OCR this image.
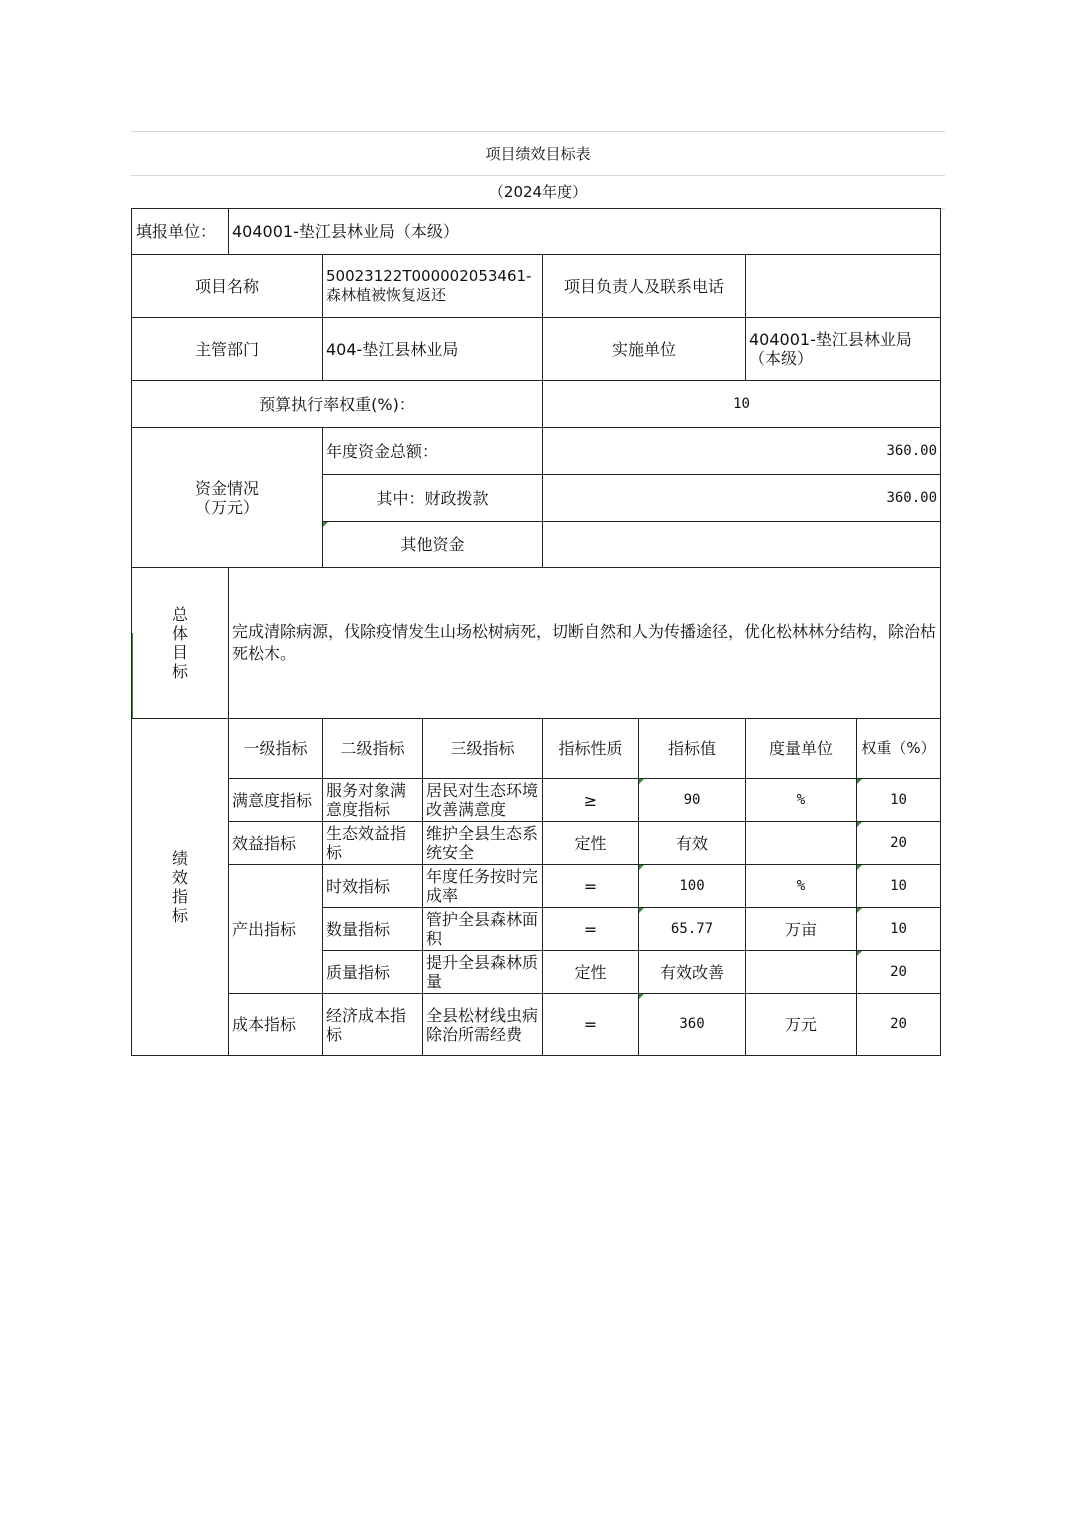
项目绩效目标表
（2024年度）
填报单位：	404001-垫江县林业局（本级）						
项目名称		50023122T000002053461-森林植被恢复返还		项目负责人及联系电话			
主管部门		404-垫江县林业局		实施单位		404001-垫江县林业局（本级）	
预算执行率权重(%)：				10			

资金情况
（万元）		年度资金总额：		360.00			
		其中：财政拨款		360.00			
		其他资金					

总
体
目
标	完成清除病源，伐除疫情发生山场松树病死，切断自然和人为传播途径，优化松林林分结构，除治枯死松木。						

绩
效
指
标	一级指标	二级指标	三级指标	指标性质	指标值	度量单位	权重（%）
	满意度指标	服务对象满意度指标	居民对生态环境改善满意度	≥	90	%	10
	效益指标	生态效益指标	维护全县生态系统安全	定性	有效		20
	产出指标	时效指标	年度任务按时完成率	=	100	%	10
		数量指标	管护全县森林面积	=	65.77	万亩	10
		质量指标	提升全县森林质量	定性	有效改善		20
	成本指标	经济成本指标	全县松材线虫病除治所需经费	=	360	万元	20
